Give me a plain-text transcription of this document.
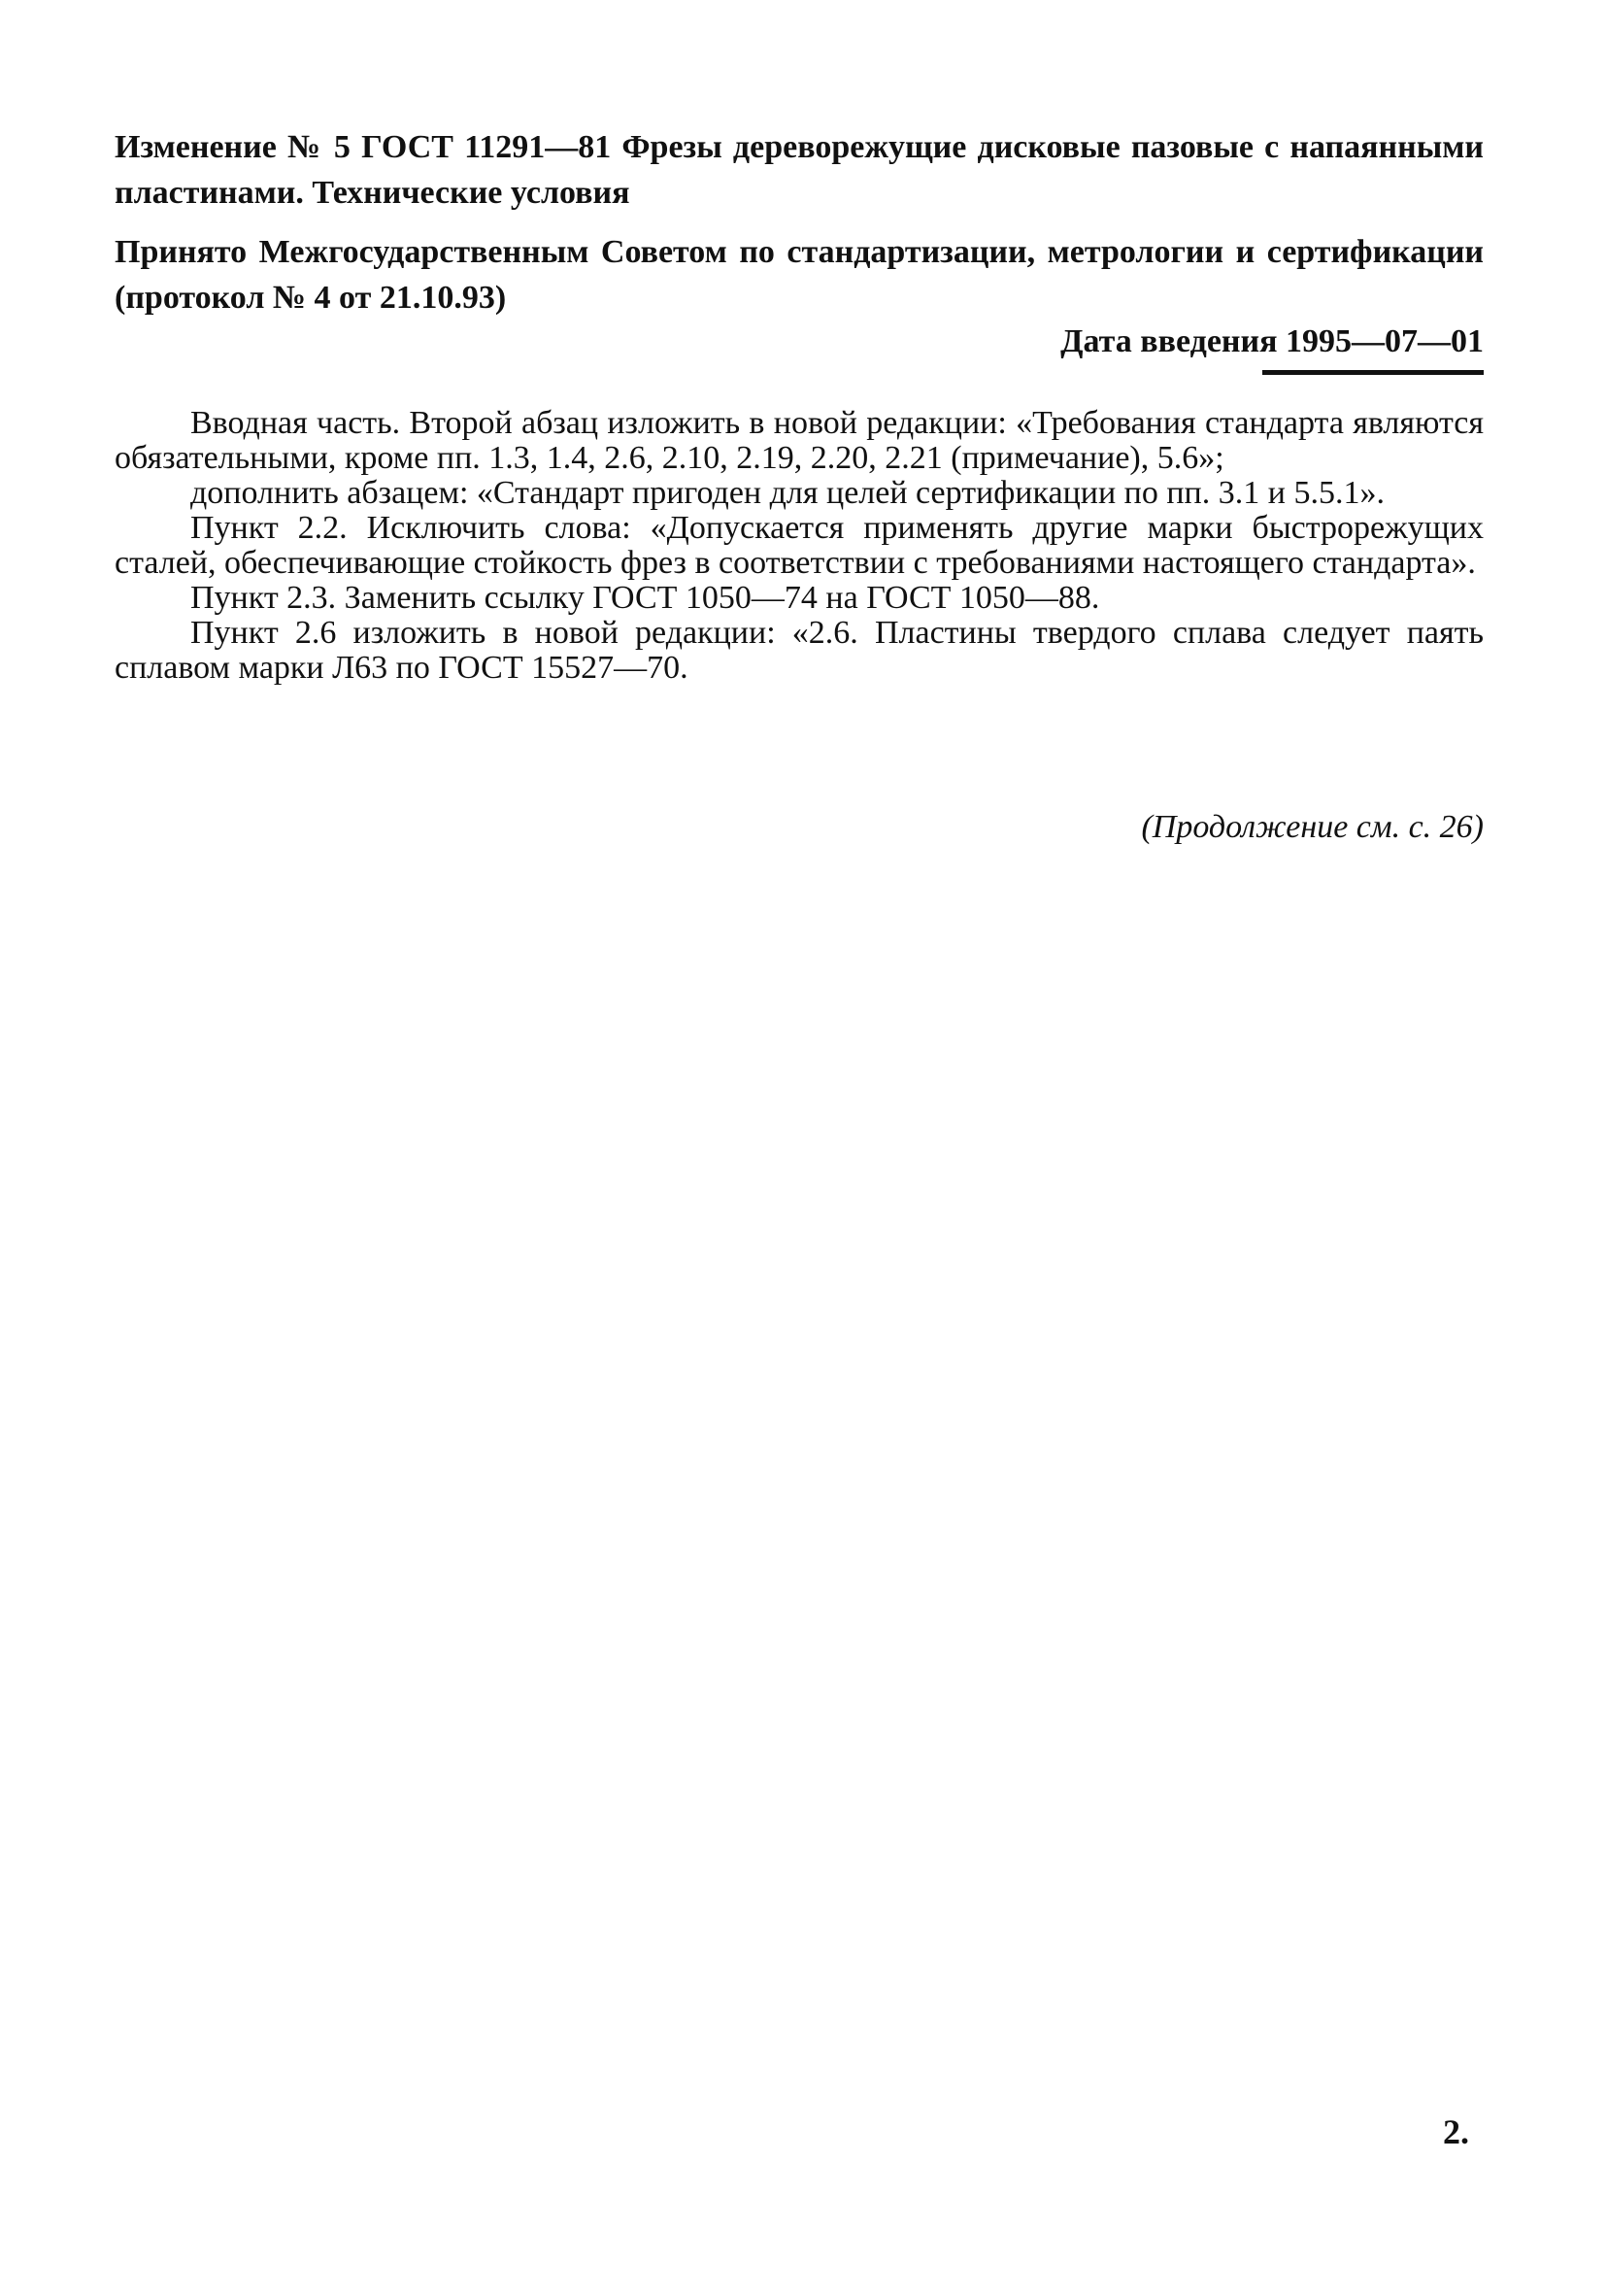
Изменение № 5 ГОСТ 11291—81 Фрезы дереворежущие дисковые пазовые с напаянными пластинами. Технические условия
Принято Межгосударственным Советом по стандартизации, метрологии и сертификации (протокол № 4 от 21.10.93)
Дата введения 1995—07—01

Вводная часть. Второй абзац изложить в новой редакции: «Требования стандарта являются обязательными, кроме пп. 1.3, 1.4, 2.6, 2.10, 2.19, 2.20, 2.21 (примечание), 5.6»;

дополнить абзацем: «Стандарт пригоден для целей сертификации по пп. 3.1 и 5.5.1».

Пункт 2.2. Исключить слова: «Допускается применять другие марки быстрорежущих сталей, обеспечивающие стойкость фрез в соответствии с требованиями настоящего стандарта».

Пункт 2.3. Заменить ссылку ГОСТ 1050—74 на ГОСТ 1050—88.

Пункт 2.6 изложить в новой редакции: «2.6. Пластины твердого сплава следует паять сплавом марки Л63 по ГОСТ 15527—70.

(Продолжение см. с. 26)
2.
